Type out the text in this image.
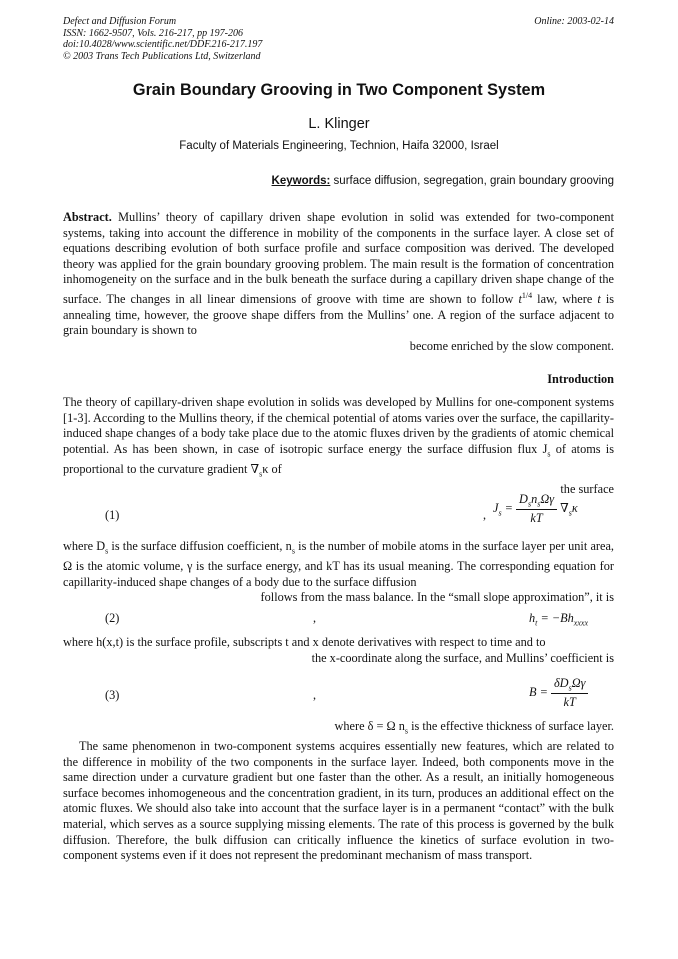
Defect and Diffusion Forum
ISSN: 1662-9507, Vols. 216-217, pp 197-206
doi:10.4028/www.scientific.net/DDF.216-217.197
© 2003 Trans Tech Publications Ltd, Switzerland
Online: 2003-02-14
Grain Boundary Grooving in Two Component System
L. Klinger
Faculty of Materials Engineering, Technion, Haifa 32000, Israel
Keywords: surface diffusion, segregation, grain boundary grooving
Abstract. Mullins’ theory of capillary driven shape evolution in solid was extended for two-component systems, taking into account the difference in mobility of the components in the surface layer. A close set of equations describing evolution of both surface profile and surface composition was derived. The developed theory was applied for the grain boundary grooving problem. The main result is the formation of concentration inhomogeneity on the surface and in the bulk beneath the surface during a capillary driven shape change of the surface. The changes in all linear dimensions of groove with time are shown to follow $t^{1/4}$ law, where t is annealing time, however, the groove shape differs from the Mullins’ one. A region of the surface adjacent to grain boundary is shown to
become enriched by the slow component.
Introduction
The theory of capillary-driven shape evolution in solids was developed by Mullins for one-component systems [1-3]. According to the Mullins theory, if the chemical potential of atoms varies over the surface, the capillarity-induced shape changes of a body take place due to the atomic fluxes driven by the gradients of atomic chemical potential. As has been shown, in case of isotropic surface energy the surface diffusion flux $J_s$ of atoms is proportional to the curvature gradient $\nabla_s\kappa$ of
the surface
(1)	, $J_s = \frac{D_sn_s\Omega\gamma}{kT} \nabla_s\kappa$
where $D_s$ is the surface diffusion coefficient, $n_s$ is the number of mobile atoms in the surface layer per unit area, Ω is the atomic volume, γ is the surface energy, and kT has its usual meaning. The corresponding equation for capillarity-induced shape changes of a body due to the surface diffusion
follows from the mass balance. In the “small slope approximation”, it is
(2)	,	$h_t = -Bh_{xxxx}$
where h(x,t) is the surface profile, subscripts t and x denote derivatives with respect to time and to
the x-coordinate along the surface, and Mullins’ coefficient is
(3)	,	$B = \frac{\delta D_s\Omega\gamma}{kT}$
where δ = Ω $n_s$ is the effective thickness of surface layer.
The same phenomenon in two-component systems acquires essentially new features, which are related to the difference in mobility of the two components in the surface layer. Indeed, both components move in the same direction under a curvature gradient but one faster than the other. As a result, an initially homogeneous surface becomes inhomogeneous and the concentration gradient, in its turn, produces an additional effect on the atomic fluxes. We should also take into account that the surface layer is in a permanent “contact” with the bulk material, which serves as a source supplying missing elements. The rate of this process is governed by the bulk diffusion. Therefore, the bulk diffusion can critically influence the kinetics of surface evolution in two-component systems even if it does not represent the predominant mechanism of mass transport.
